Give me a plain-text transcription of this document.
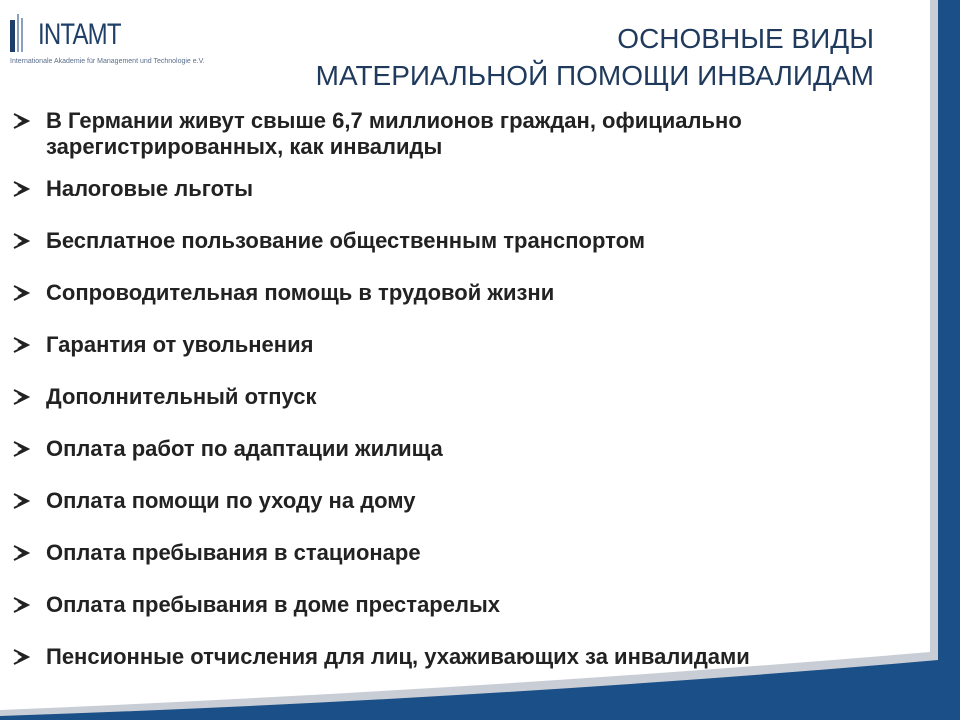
INTAMT
Internationale Akademie für Management und Technologie e.V.
ОСНОВНЫЕ ВИДЫ
МАТЕРИАЛЬНОЙ ПОМОЩИ ИНВАЛИДАМ
В Германии живут свыше 6,7 миллионов граждан, официально зарегистрированных, как инвалиды
Налоговые льготы
Бесплатное пользование общественным транспортом
Сопроводительная помощь в трудовой жизни
Гарантия от увольнения
Дополнительный отпуск
Оплата работ по адаптации жилища
Оплата помощи по уходу на дому
Оплата пребывания в стационаре
Оплата пребывания в доме престарелых
Пенсионные отчисления для лиц, ухаживающих за инвалидами
